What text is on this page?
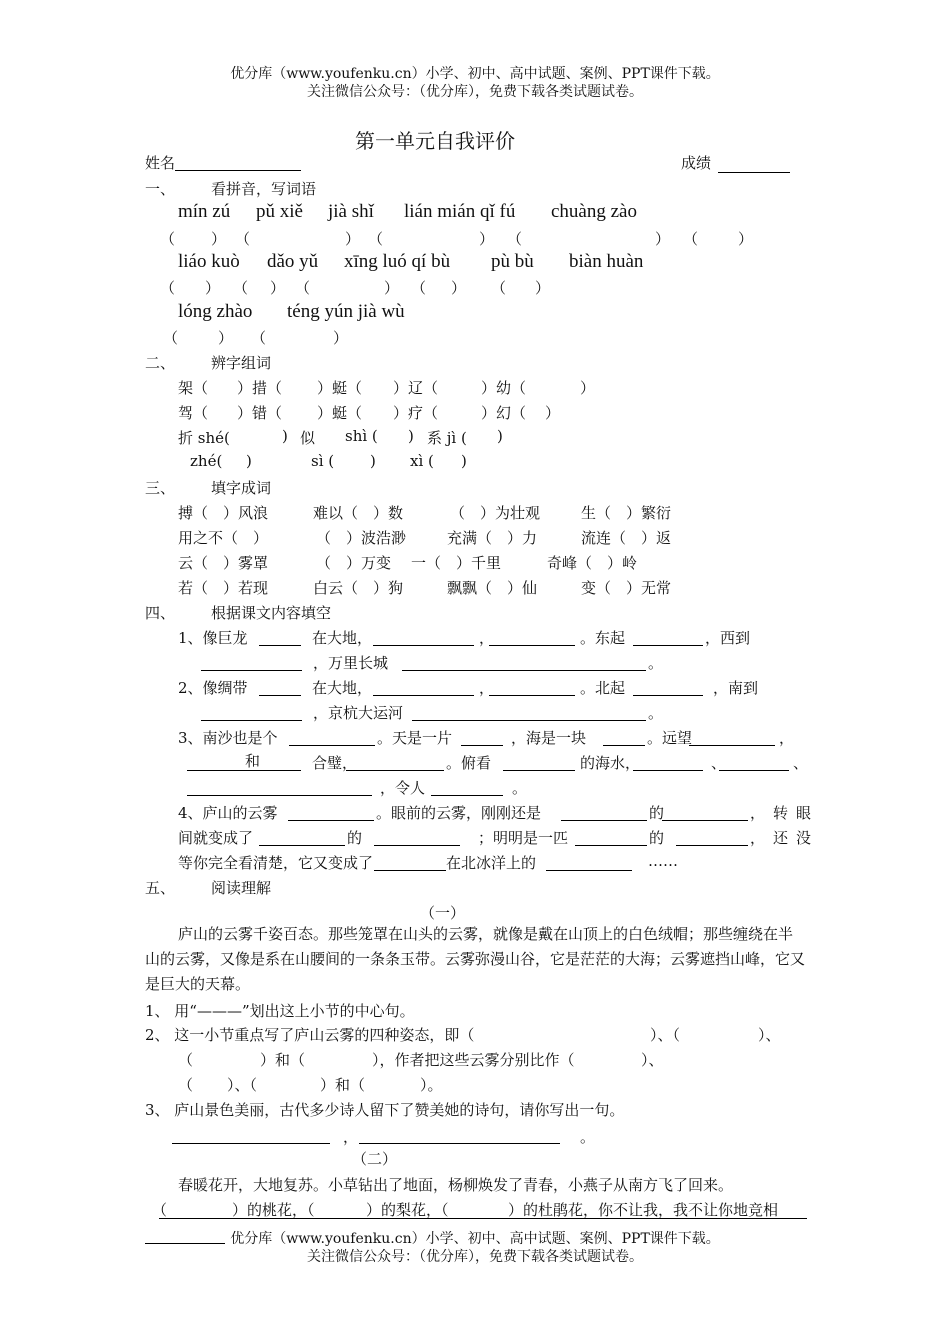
优分库（www.youfenku.cn）小学、初中、高中试题、案例、PPT课件下载。
关注微信公众号：（优分库），免费下载各类试题试卷。
第一单元自我评价
姓名	成绩
一、 看拼音，写词语
mín zú pǔ xiě jià shǐ lián mián qǐ fú chuàng zào
（ ） （	） （	） （	） （	）
liáo kuò dǎo yǔ xīng luó qí bù pù bù biàn huàn
（ ） （ ） （	） （ ） （ ）
lóng zhào téng yún jià wù
（	） （	）
二、 辨字组词
架（ ）措（ ）蜓（ ）辽（	）幼（	）
驾（ ）错（ ）蜓（ ）疗（	）幻（ ）
折 shé(	) 似 shì ( ) 系 jì ( )
zhé( )	sì ( ) xì ( )
三、 填字成词
搏（　）风浪	难以（　）数	（　）为壮观	生（　）繁衍
用之不（　）	（　）波浩渺	充满（　）力	流连（　）返
云（　）雾罩	（　）万变 一（　）千里	奇峰（　）岭
若（　）若现	白云（　）狗	飘飘（　）仙	变（　）无常
四、 根据课文内容填空
1、像巨龙	在大地，	，	。东起	，西到
，万里长城	。
2、像绸带	在大地，	，	。北起	，南到
，京杭大运河	。
3、南沙也是个	。天是一片	，海是一块	。远望	，
和	合璧，	。俯看	的海水，	、	、
，令人	。
4、庐山的云雾	。眼前的云雾，刚刚还是	的	，转眼
间就变成了	的	；明明是一匹	的	，还没
等你完全看清楚，它又变成了	在北冰洋上的	……
五、 阅读理解
（一）
庐山的云雾千姿百态。那些笼罩在山头的云雾，就像是戴在山顶上的白色绒帽；那些缠绕在半山的云雾，又像是系在山腰间的一条条玉带。云雾弥漫山谷，它是茫茫的大海；云雾遮挡山峰，它又是巨大的天幕。
1、 用“———”划出这上小节的中心句。
2、 这一小节重点写了庐山云雾的四种姿态，即（	）、（	）、
（	）和（	），作者把这些云雾分别比作（	）、
（ ）、（	）和（	）。
3、 庐山景色美丽，古代多少诗人留下了赞美她的诗句，请你写出一句。
，	。
（二）
春暖花开，大地复苏。小草钻出了地面，杨柳焕发了青春，小燕子从南方飞了回来。
（	）的桃花，（	）的梨花，（	）的杜鹃花，你不让我，我不让你地竞相
优分库（www.youfenku.cn）小学、初中、高中试题、案例、PPT课件下载。
关注微信公众号：（优分库），免费下载各类试题试卷。
